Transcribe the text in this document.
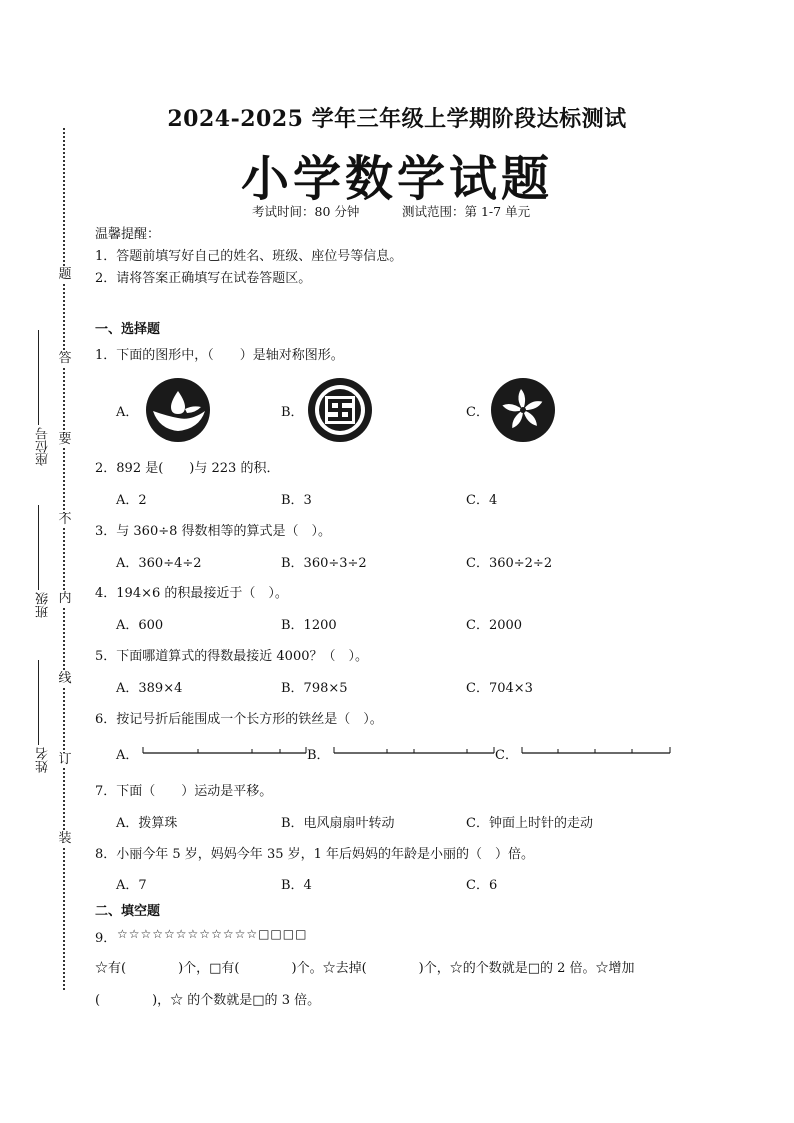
题
答
要
不
内
线
订
装
座位号
班级
姓名
2024-2025 学年三年级上学期阶段达标测试
小学数学试题
考试时间：80 分钟	测试范围：第 1-7 单元
温馨提醒：
1．答题前填写好自己的姓名、班级、座位号等信息。
2．请将答案正确填写在试卷答题区。
一、选择题
1．下面的图形中，（　　）是轴对称图形。
A．	B．	C．
2．892 是(　　)与 223 的积．
A．2	B．3	C．4
3．与 360÷8 得数相等的算式是（　）。
A．360÷4÷2	B．360÷3÷2	C．360÷2÷2
4．194×6 的积最接近于（　）。
A．600	B．1200	C．2000
5．下面哪道算式的得数最接近 4000？（　）。
A．389×4	B．798×5	C．704×3
6．按记号折后能围成一个长方形的铁丝是（　）。
A．	B．	C．
7．下面（　　）运动是平移。
A．拨算珠	B．电风扇扇叶转动	C．钟面上时针的走动
8．小丽今年 5 岁，妈妈今年 35 岁，1 年后妈妈的年龄是小丽的（　）倍。
A．7	B．4	C．6
二、填空题
9． ☆☆☆☆☆☆☆☆☆☆☆☆□□□□
☆有(　　　　)个，□有(　　　　)个。☆去掉(　　　　)个，☆的个数就是□的 2 倍。☆增加
(　　　　)，☆ 的个数就是□的 3 倍。
